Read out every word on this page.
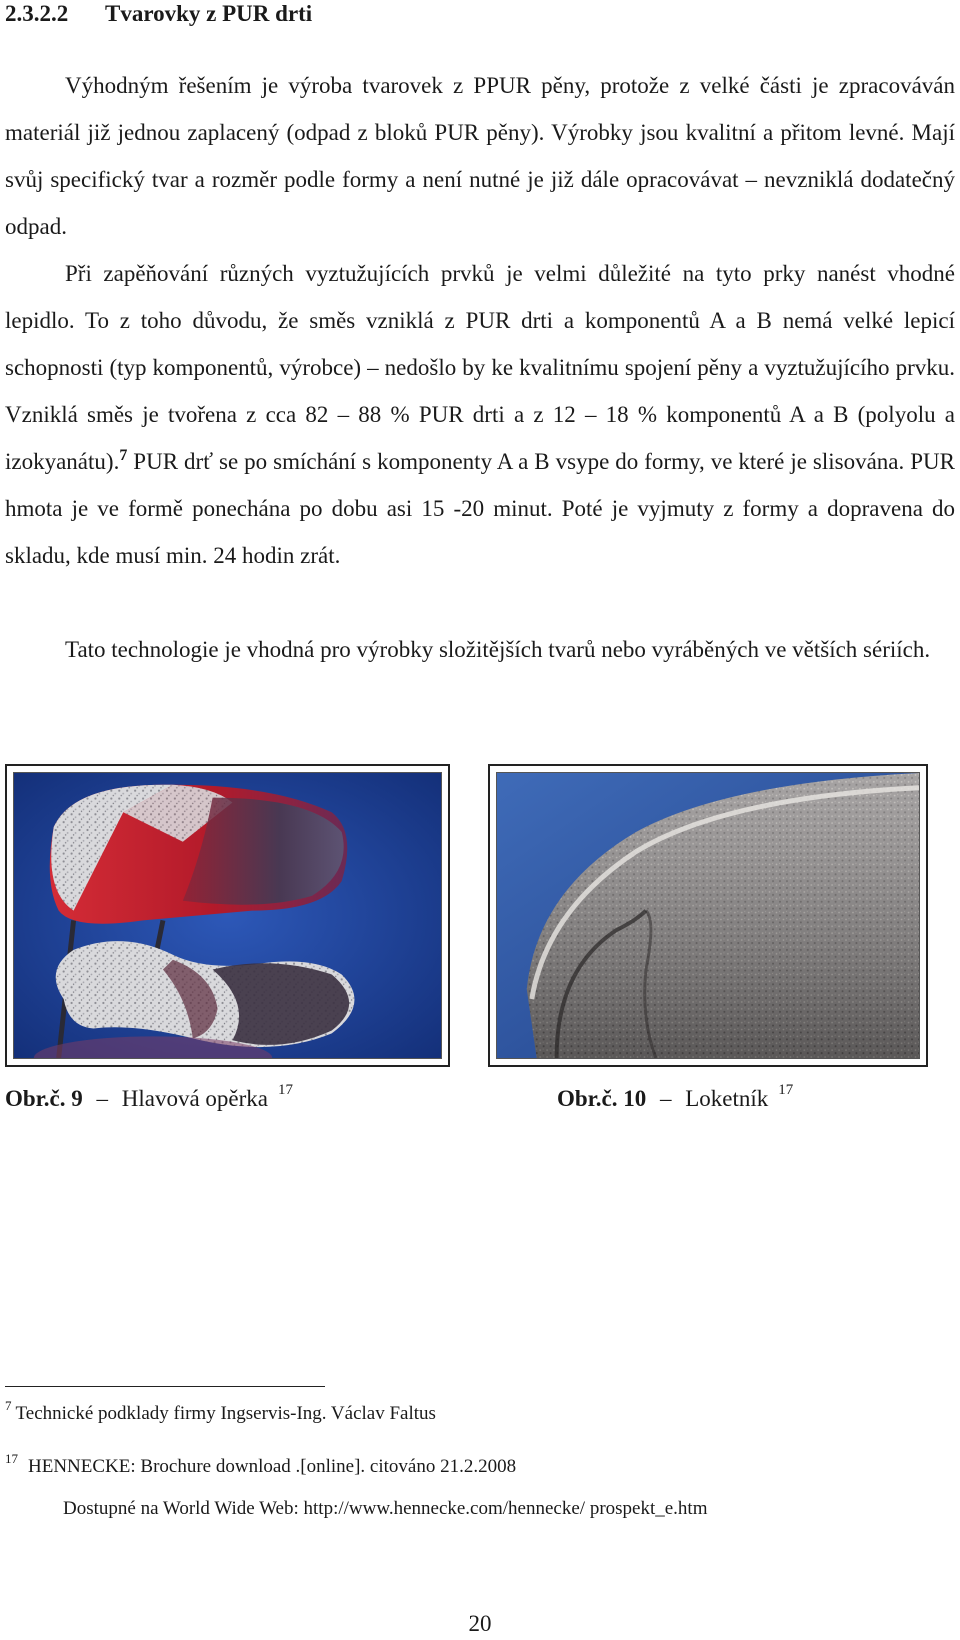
2.3.2.2 Tvarovky z PUR drti

Výhodným řešením je výroba tvarovek z PPUR pěny, protože z velké části je zpracováván materiál již jednou zaplacený (odpad z bloků PUR pěny). Výrobky jsou kvalitní a přitom levné. Mají svůj specifický tvar a rozměr podle formy a není nutné je již dále opracovávat – nevzniklá dodatečný odpad.

Při zapěňování různých vyztužujících prvků je velmi důležité na tyto prky nanést vhodné lepidlo. To z toho důvodu, že směs vzniklá z PUR drti a komponentů A a B nemá velké lepicí schopnosti (typ komponentů, výrobce) – nedošlo by ke kvalitnímu spojení pěny a vyztužujícího prvku. Vzniklá směs je tvořena z cca 82 – 88 % PUR drti a z 12 – 18 % komponentů A a B (polyolu a izokyanátu).$^7$ PUR drť se po smíchání s komponenty A a B vsype do formy, ve které je slisována. PUR hmota je ve formě ponechána po dobu asi 15 -20 minut. Poté je vyjmuty z formy a dopravena do skladu, kde musí min. 24 hodin zrát.

Tato technologie je vhodná pro výrobky složitějších tvarů nebo vyráběných ve větších sériích.

Obr.č. 9 – Hlavová opěrka $^{17}$	Obr.č. 10 – Loketník $^{17}$
$^7$ Technické podklady firmy Ingservis-Ing. Václav Faltus
$^{17}$ HENNECKE: Brochure download .[online]. citováno 21.2.2008
Dostupné na World Wide Web: http://www.hennecke.com/hennecke/ prospekt_e.htm
20
